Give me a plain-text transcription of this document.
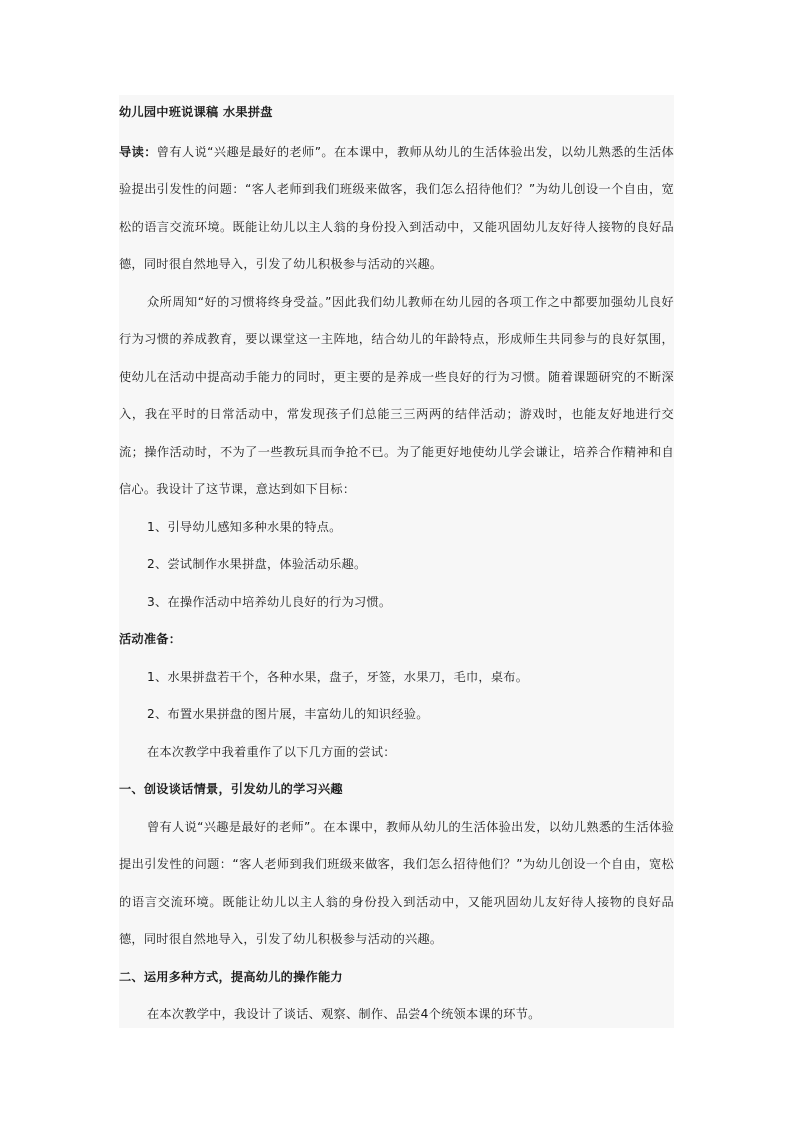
幼儿园中班说课稿 水果拼盘

导读：曾有人说“兴趣是最好的老师”。在本课中，教师从幼儿的生活体验出发，以幼儿熟悉的生活体验提出引发性的问题：“客人老师到我们班级来做客，我们怎么招待他们？”为幼儿创设一个自由，宽松的语言交流环境。既能让幼儿以主人翁的身份投入到活动中，又能巩固幼儿友好待人接物的良好品德，同时很自然地导入，引发了幼儿积极参与活动的兴趣。

众所周知“好的习惯将终身受益。”因此我们幼儿教师在幼儿园的各项工作之中都要加强幼儿良好行为习惯的养成教育，要以课堂这一主阵地，结合幼儿的年龄特点，形成师生共同参与的良好氛围，使幼儿在活动中提高动手能力的同时，更主要的是养成一些良好的行为习惯。随着课题研究的不断深入，我在平时的日常活动中，常发现孩子们总能三三两两的结伴活动；游戏时，也能友好地进行交流；操作活动时，不为了一些教玩具而争抢不已。为了能更好地使幼儿学会谦让，培养合作精神和自信心。我设计了这节课，意达到如下目标：

1、引导幼儿感知多种水果的特点。

2、尝试制作水果拼盘，体验活动乐趣。

3、在操作活动中培养幼儿良好的行为习惯。

活动准备：

1、水果拼盘若干个，各种水果，盘子，牙签，水果刀，毛巾，桌布。

2、布置水果拼盘的图片展，丰富幼儿的知识经验。

在本次教学中我着重作了以下几方面的尝试：

一、创设谈话情景，引发幼儿的学习兴趣

曾有人说“兴趣是最好的老师”。在本课中，教师从幼儿的生活体验出发，以幼儿熟悉的生活体验提出引发性的问题：“客人老师到我们班级来做客，我们怎么招待他们？”为幼儿创设一个自由，宽松的语言交流环境。既能让幼儿以主人翁的身份投入到活动中，又能巩固幼儿友好待人接物的良好品德，同时很自然地导入，引发了幼儿积极参与活动的兴趣。

二、运用多种方式，提高幼儿的操作能力

在本次教学中，我设计了谈话、观察、制作、品尝4个统领本课的环节。
